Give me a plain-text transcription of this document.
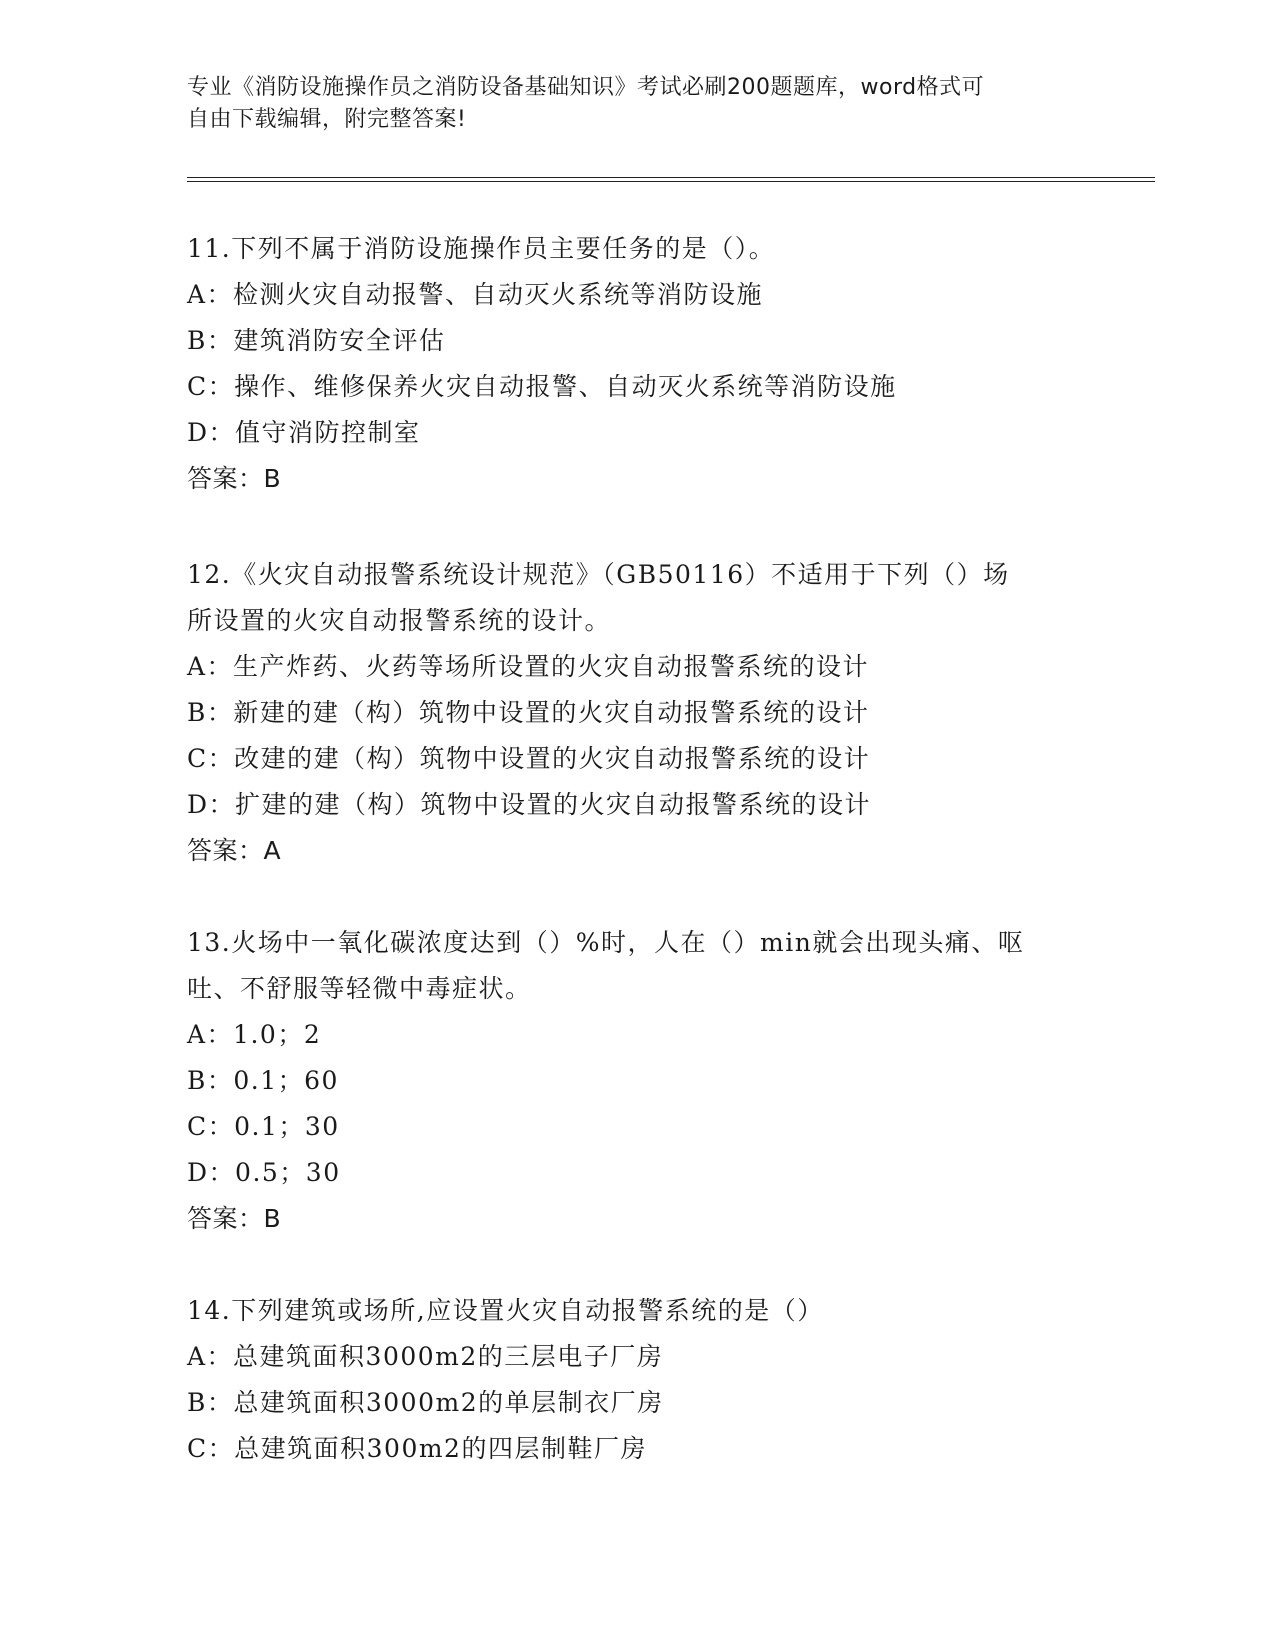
专业《消防设施操作员之消防设备基础知识》考试必刷200题题库，word格式可
自由下载编辑，附完整答案!
11.下列不属于消防设施操作员主要任务的是（）。
A：检测火灾自动报警、自动灭火系统等消防设施
B：建筑消防安全评估
C：操作、维修保养火灾自动报警、自动灭火系统等消防设施
D：值守消防控制室
答案：B
12.《火灾自动报警系统设计规范》（GB50116）不适用于下列（）场
所设置的火灾自动报警系统的设计。
A：生产炸药、火药等场所设置的火灾自动报警系统的设计
B：新建的建（构）筑物中设置的火灾自动报警系统的设计
C：改建的建（构）筑物中设置的火灾自动报警系统的设计
D：扩建的建（构）筑物中设置的火灾自动报警系统的设计
答案：A
13.火场中一氧化碳浓度达到（）%时，人在（）min就会出现头痛、呕
吐、不舒服等轻微中毒症状。
A：1.0；2
B：0.1；60
C：0.1；30
D：0.5；30
答案：B
14.下列建筑或场所,应设置火灾自动报警系统的是（）
A：总建筑面积3000m2的三层电子厂房
B：总建筑面积3000m2的单层制衣厂房
C：总建筑面积300m2的四层制鞋厂房
